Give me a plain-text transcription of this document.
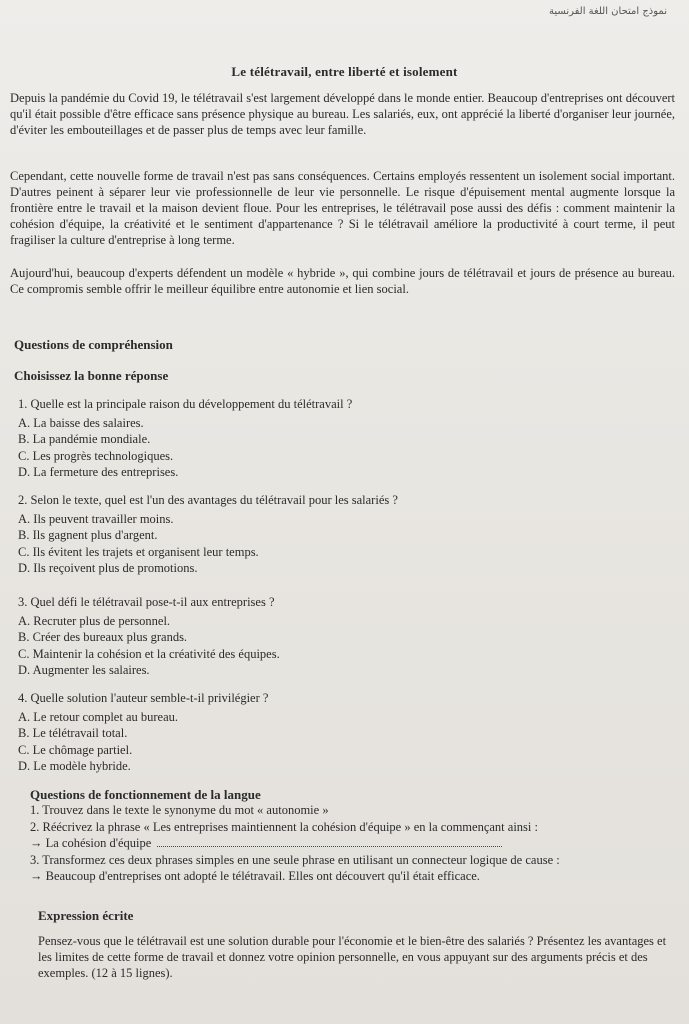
نموذج امتحان اللغة الفرنسية
Le télétravail, entre liberté et isolement
Depuis la pandémie du Covid 19, le télétravail s'est largement développé dans le monde entier. Beaucoup d'entreprises ont découvert qu'il était possible d'être efficace sans présence physique au bureau. Les salariés, eux, ont apprécié la liberté d'organiser leur journée, d'éviter les embouteillages et de passer plus de temps avec leur famille.
Cependant, cette nouvelle forme de travail n'est pas sans conséquences. Certains employés ressentent un isolement social important. D'autres peinent à séparer leur vie professionnelle de leur vie personnelle. Le risque d'épuisement mental augmente lorsque la frontière entre le travail et la maison devient floue. Pour les entreprises, le télétravail pose aussi des défis : comment maintenir la cohésion d'équipe, la créativité et le sentiment d'appartenance ? Si le télétravail améliore la productivité à court terme, il peut fragiliser la culture d'entreprise à long terme.
Aujourd'hui, beaucoup d'experts défendent un modèle « hybride », qui combine jours de télétravail et jours de présence au bureau. Ce compromis semble offrir le meilleur équilibre entre autonomie et lien social.
Questions de compréhension
Choisissez la bonne réponse
1. Quelle est la principale raison du développement du télétravail ?
A. La baisse des salaires.
B. La pandémie mondiale.
C. Les progrès technologiques.
D. La fermeture des entreprises.
2. Selon le texte, quel est l'un des avantages du télétravail pour les salariés ?
A. Ils peuvent travailler moins.
B. Ils gagnent plus d'argent.
C. Ils évitent les trajets et organisent leur temps.
D. Ils reçoivent plus de promotions.
3. Quel défi le télétravail pose-t-il aux entreprises ?
A. Recruter plus de personnel.
B. Créer des bureaux plus grands.
C. Maintenir la cohésion et la créativité des équipes.
D. Augmenter les salaires.
4. Quelle solution l'auteur semble-t-il privilégier ?
A. Le retour complet au bureau.
B. Le télétravail total.
C. Le chômage partiel.
D. Le modèle hybride.
Questions de fonctionnement de la langue
1. Trouvez dans le texte le synonyme du mot « autonomie »
2. Réécrivez la phrase « Les entreprises maintiennent la cohésion d'équipe » en la commençant ainsi :
→ La cohésion d'équipe
3. Transformez ces deux phrases simples en une seule phrase en utilisant un connecteur logique de cause :
→ Beaucoup d'entreprises ont adopté le télétravail. Elles ont découvert qu'il était efficace.
Expression écrite
Pensez-vous que le télétravail est une solution durable pour l'économie et le bien-être des salariés ? Présentez les avantages et les limites de cette forme de travail et donnez votre opinion personnelle, en vous appuyant sur des arguments précis et des exemples. (12 à 15 lignes).
